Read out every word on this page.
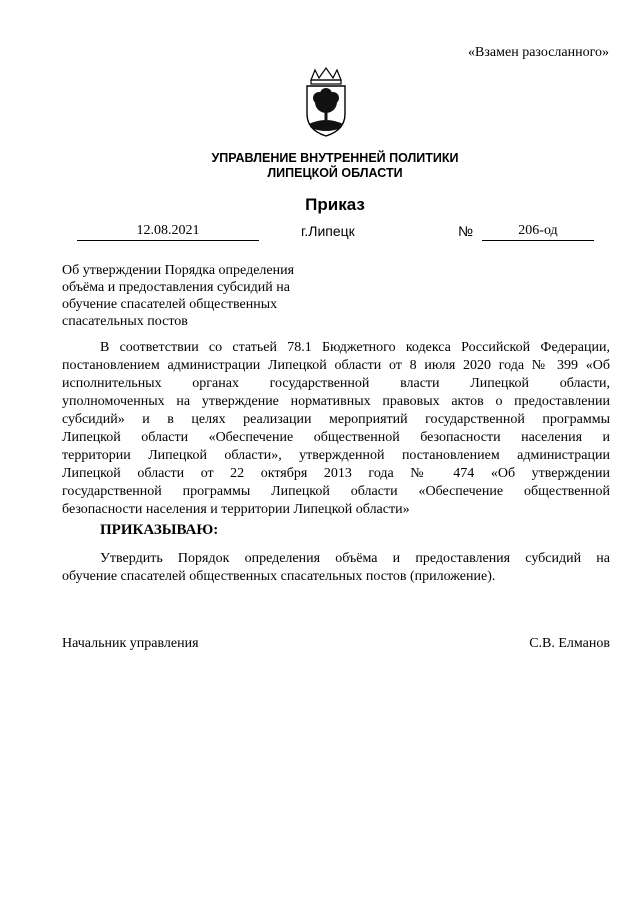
«Взамен разосланного»
УПРАВЛЕНИЕ ВНУТРЕННЕЙ ПОЛИТИКИ
ЛИПЕЦКОЙ ОБЛАСТИ
Приказ
12.08.2021	г.Липецк	№	206-од
Об утверждении Порядка определения
объёма и предоставления субсидий на
обучение спасателей общественных
спасательных постов
В соответствии со статьей 78.1 Бюджетного кодекса Российской Федерации,
постановлением администрации Липецкой области от 8 июля 2020 года № 399 «Об
исполнительных органах государственной власти Липецкой области,
уполномоченных на утверждение нормативных правовых актов о предоставлении
субсидий» и в целях реализации мероприятий государственной программы
Липецкой области «Обеспечение общественной безопасности населения и
территории Липецкой области», утвержденной постановлением администрации
Липецкой области от 22 октября 2013 года № 474 «Об утверждении
государственной программы Липецкой области «Обеспечение общественной
безопасности населения и территории Липецкой области»
ПРИКАЗЫВАЮ:
Утвердить Порядок определения объёма и предоставления субсидий на
обучение спасателей общественных спасательных постов (приложение).
Начальник управления	С.В. Елманов
